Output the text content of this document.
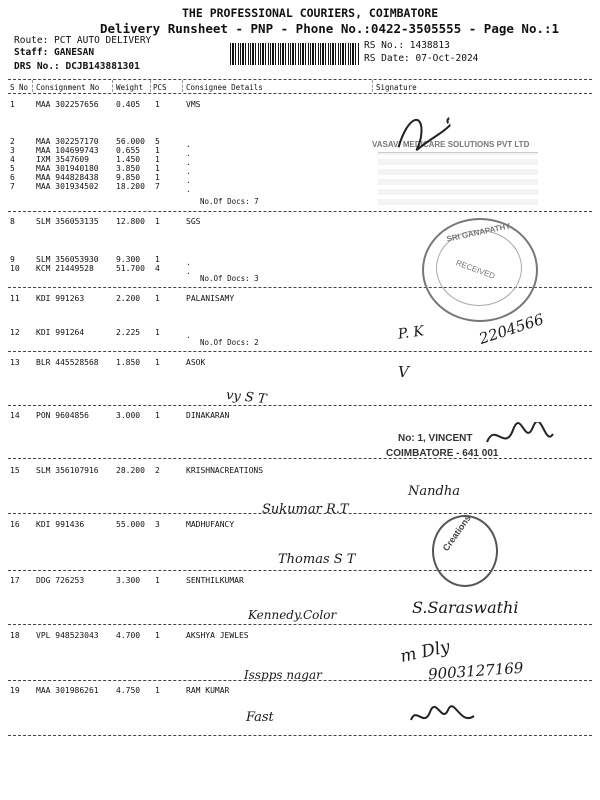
THE PROFESSIONAL COURIERS, COIMBATORE
Delivery Runsheet - PNP - Phone No.:0422-3505555 - Page No.:1
Route: PCT AUTO DELIVERY
Staff: GANESAN
DRS No.: DCJB143881301
RS No.: 1438813
RS Date: 07-Oct-2024
S No Consignment No Weight PCS	Consignee Details	Signature
1	MAA 302257656 0.405 1	VMS
2	MAA 302257170 56.000 5	.
3	MAA 104699743 0.655 1	.
4	IXM 3547609	1.450 1	.
5	MAA 301940180 3.850 1	.
6	MAA 944828438 9.850 1	.
7	MAA 301934502 18.200 7	.
No.Of Docs: 7
8	SLM 356053135 12.800 1	SGS
9	SLM 356053930 9.300 1	.
10 KCM 21449528	51.700 4	.
No.Of Docs: 3
11 KDI 991263	2.200 1	PALANISAMY
12 KDI 991264	2.225 1	.
No.Of Docs: 2
13 BLR 445528568 1.850 1	ASOK
14 PON 9604856	3.000 1	DINAKARAN
15 SLM 356107916 28.200 2	KRISHNACREATIONS
16 KDI 991436	55.000 3	MADHUFANCY
17 DDG 726253	3.300 1	SENTHILKUMAR
18 VPL 948523043 4.700 1	AKSHYA JEWLES
19 MAA 301986261 4.750 1	RAM KUMAR
VASAVI MEDICARE SOLUTIONS PVT LTD
SRI GANAPATHY
RECEIVED
No: 1, VINCENT
COIMBATORE - 641 001
Creations
P. K	2204566
V
vy S T
Nandha
Sukumar R.T
Thomas S T
S.Saraswathi
Kennedy.Color
m Dly
9003127169
Isspps nagar
Fast
